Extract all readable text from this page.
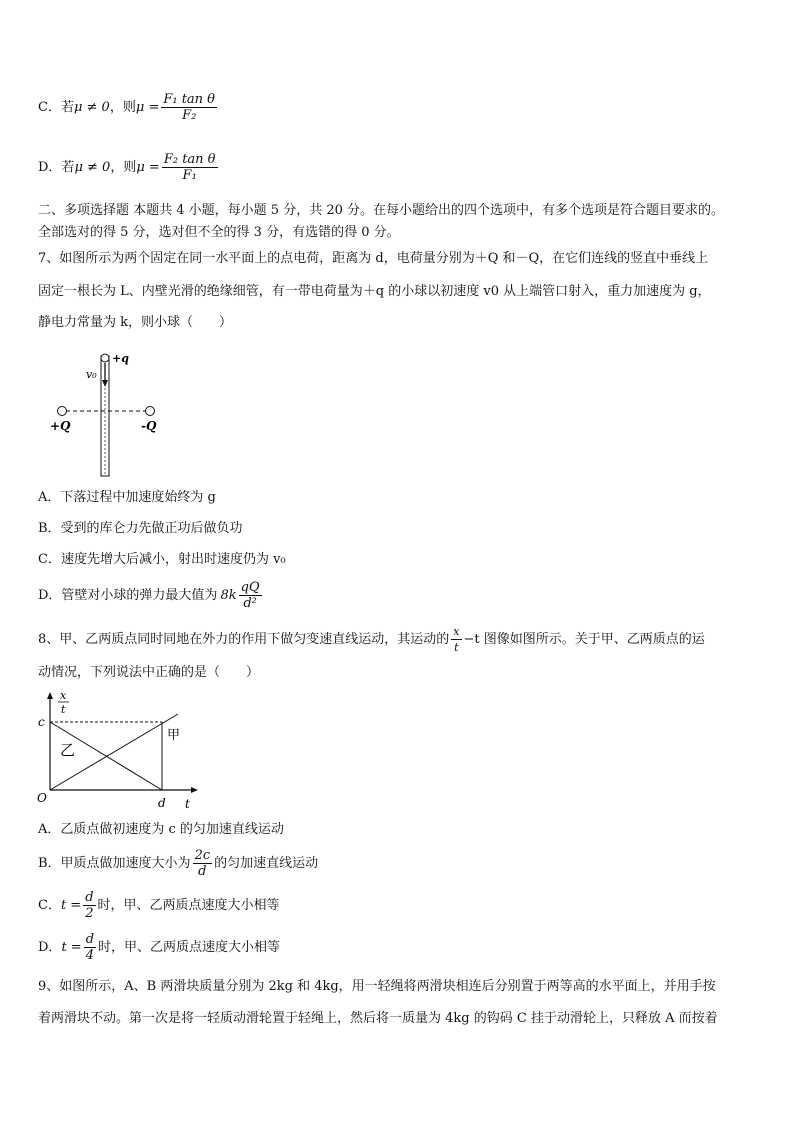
C．若 μ ≠ 0 ，则 $\mu = \frac{\text{F₁ tan θ}}{\text{F₂}}$
D．若 μ ≠ 0 ，则 $\mu = \frac{\text{F₂ tan θ}}{\text{F₁}}$
二、多项选择题 本题共 4 小题，每小题 5 分，共 20 分。在每小题给出的四个选项中，有多个选项是符合题目要求的。
全部选对的得 5 分，选对但不全的得 3 分，有选错的得 0 分。
7、如图所示为两个固定在同一水平面上的点电荷，距离为 d，电荷量分别为＋Q 和－Q，在它们连线的竖直中垂线上
固定一根长为 L、内壁光滑的绝缘细管，有一带电荷量为＋q 的小球以初速度 v0 从上端管口射入，重力加速度为 g，
静电力常量为 k，则小球（　　）
+q
v₀
+Q	-Q
A．下落过程中加速度始终为 g
B．受到的库仑力先做正功后做负功
C．速度先增大后减小，射出时速度仍为 v₀
D．管壁对小球的弹力最大值为 $8k \frac{qQ}{\text{d²}}$
8、甲、乙两质点同时同地在外力的作用下做匀变速直线运动，其运动的 $\frac{x}{t} -t$ 图像如图所示。关于甲、乙两质点的运
动情况，下列说法中正确的是（　　）
x
t
c
d
O	t
甲
乙
A．乙质点做初速度为 c 的匀加速直线运动
B．甲质点做加速度大小为 $\frac{2c}{d}$ 的匀加速直线运动
C． $t = \frac{d}{2}$ 时，甲、乙两质点速度大小相等
D． $t = \frac{d}{4}$ 时，甲、乙两质点速度大小相等
9、如图所示，A、B 两滑块质量分别为 2kg 和 4kg，用一轻绳将两滑块相连后分别置于两等高的水平面上，并用手按
着两滑块不动。第一次是将一轻质动滑轮置于轻绳上，然后将一质量为 4kg 的钩码 C 挂于动滑轮上，只释放 A 而按着
